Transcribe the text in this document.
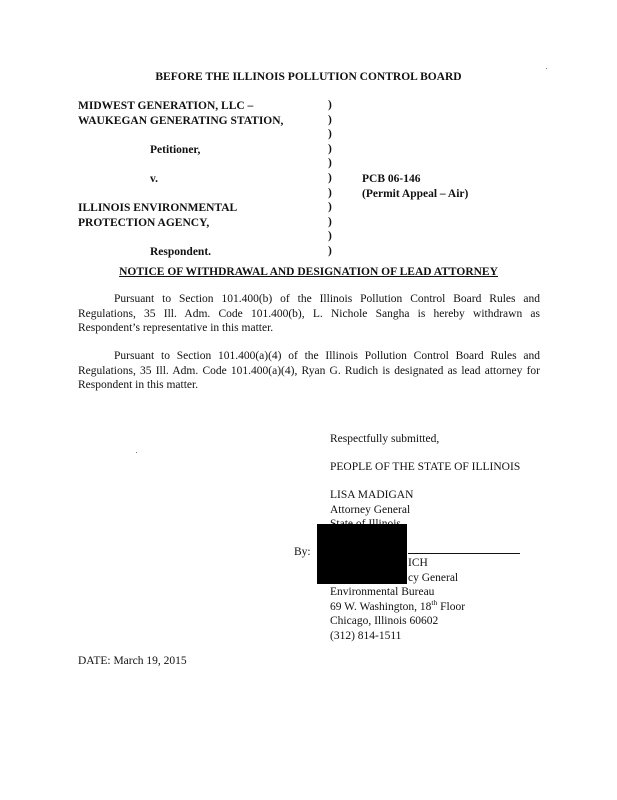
BEFORE THE ILLINOIS POLLUTION CONTROL BOARD
MIDWEST GENERATION, LLC –
WAUKEGAN GENERATING STATION,
Petitioner,
v.
ILLINOIS ENVIRONMENTAL
PROTECTION AGENCY,
Respondent.
)
)
)
)
)
)
)
)
)
)
)
PCB 06-146
(Permit Appeal – Air)
NOTICE OF WITHDRAWAL AND DESIGNATION OF LEAD ATTORNEY

Pursuant to Section 101.400(b) of the Illinois Pollution Control Board Rules and Regulations, 35 Ill. Adm. Code 101.400(b), L. Nichole Sangha is hereby withdrawn as Respondent’s representative in this matter.

Pursuant to Section 101.400(a)(4) of the Illinois Pollution Control Board Rules and Regulations, 35 Ill. Adm. Code 101.400(a)(4), Ryan G. Rudich is designated as lead attorney for Respondent in this matter.

Respectfully submitted,
PEOPLE OF THE STATE OF ILLINOIS
LISA MADIGAN
Attorney General
By:
ICH
cy General
Environmental Bureau
69 W. Washington, 18th Floor
Chicago, Illinois 60602
(312) 814-1511
DATE: March 19, 2015
